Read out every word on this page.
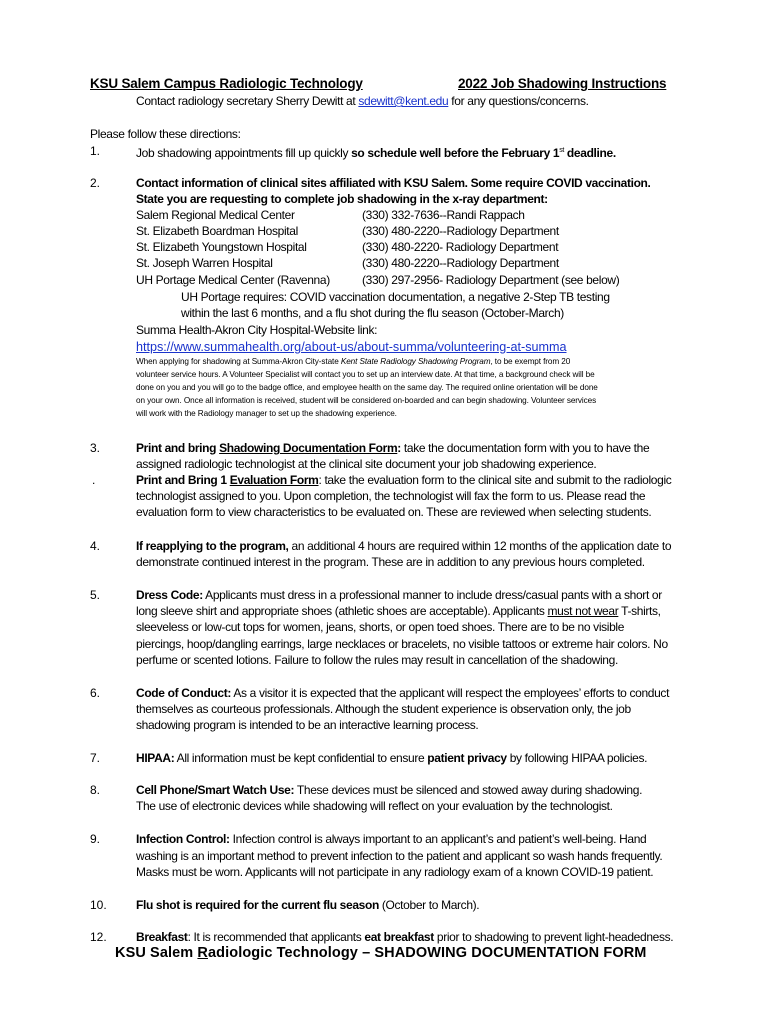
KSU Salem Campus Radiologic Technology	2022 Job Shadowing Instructions
Contact radiology secretary Sherry Dewitt at sdewitt@kent.edu for any questions/concerns.
Please follow these directions:
1.	Job shadowing appointments fill up quickly so schedule well before the February 1st deadline.
2.	Contact information of clinical sites affiliated with KSU Salem. Some require COVID vaccination.
State you are requesting to complete job shadowing in the x-ray department:
Salem Regional Medical Center	(330) 332-7636--Randi Rappach
St. Elizabeth Boardman Hospital	(330) 480-2220--Radiology Department
St. Elizabeth Youngstown Hospital	(330) 480-2220- Radiology Department
St. Joseph Warren Hospital	(330) 480-2220--Radiology Department
UH Portage Medical Center (Ravenna)	(330) 297-2956- Radiology Department (see below)
UH Portage requires: COVID vaccination documentation, a negative 2-Step TB testing
within the last 6 months, and a flu shot during the flu season (October-March)
Summa Health-Akron City Hospital-Website link:
https://www.summahealth.org/about-us/about-summa/volunteering-at-summa
When applying for shadowing at Summa-Akron City-state Kent State Radiology Shadowing Program, to be exempt from 20
volunteer service hours. A Volunteer Specialist will contact you to set up an interview date. At that time, a background check will be
done on you and you will go to the badge office, and employee health on the same day. The required online orientation will be done
on your own. Once all information is received, student will be considered on-boarded and can begin shadowing. Volunteer services
will work with the Radiology manager to set up the shadowing experience.
3.	Print and bring Shadowing Documentation Form: take the documentation form with you to have the
assigned radiologic technologist at the clinical site document your job shadowing experience.
.	Print and Bring 1 Evaluation Form: take the evaluation form to the clinical site and submit to the radiologic
technologist assigned to you. Upon completion, the technologist will fax the form to us. Please read the
evaluation form to view characteristics to be evaluated on. These are reviewed when selecting students.
4.	If reapplying to the program, an additional 4 hours are required within 12 months of the application date to
demonstrate continued interest in the program. These are in addition to any previous hours completed.
5.	Dress Code: Applicants must dress in a professional manner to include dress/casual pants with a short or
long sleeve shirt and appropriate shoes (athletic shoes are acceptable). Applicants must not wear T-shirts,
sleeveless or low-cut tops for women, jeans, shorts, or open toed shoes. There are to be no visible
piercings, hoop/dangling earrings, large necklaces or bracelets, no visible tattoos or extreme hair colors. No
perfume or scented lotions. Failure to follow the rules may result in cancellation of the shadowing.
6.	Code of Conduct: As a visitor it is expected that the applicant will respect the employees’ efforts to conduct
themselves as courteous professionals. Although the student experience is observation only, the job
shadowing program is intended to be an interactive learning process.
7.	HIPAA: All information must be kept confidential to ensure patient privacy by following HIPAA policies.
8.	Cell Phone/Smart Watch Use: These devices must be silenced and stowed away during shadowing.
The use of electronic devices while shadowing will reflect on your evaluation by the technologist.
9.	Infection Control: Infection control is always important to an applicant’s and patient’s well-being. Hand
washing is an important method to prevent infection to the patient and applicant so wash hands frequently.
Masks must be worn. Applicants will not participate in any radiology exam of a known COVID-19 patient.
10. Flu shot is required for the current flu season (October to March).
12. Breakfast: It is recommended that applicants eat breakfast prior to shadowing to prevent light-headedness.
KSU Salem Radiologic Technology – SHADOWING DOCUMENTATION FORM
